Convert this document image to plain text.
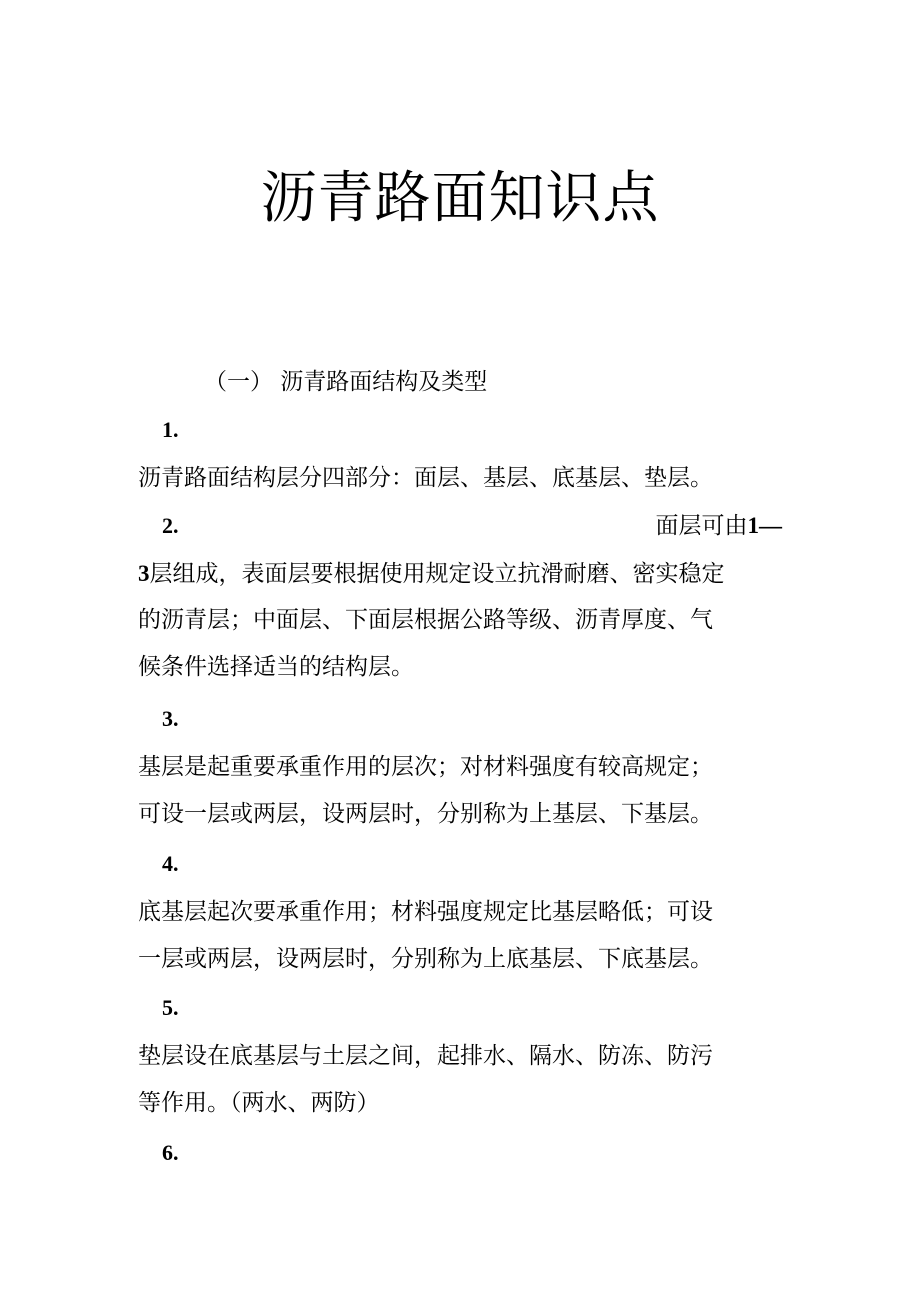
沥青路面知识点
（一） 沥青路面结构及类型
1.
沥青路面结构层分四部分：面层、基层、底基层、垫层。
2.	面层可由1—
3层组成，表面层要根据使用规定设立抗滑耐磨、密实稳定
的沥青层；中面层、下面层根据公路等级、沥青厚度、气
候条件选择适当的结构层。
3.
基层是起重要承重作用的层次；对材料强度有较高规定；
可设一层或两层，设两层时，分别称为上基层、下基层。
4.
底基层起次要承重作用；材料强度规定比基层略低；可设
一层或两层，设两层时，分别称为上底基层、下底基层。
5.
垫层设在底基层与土层之间，起排水、隔水、防冻、防污
等作用。（两水、两防）
6.
